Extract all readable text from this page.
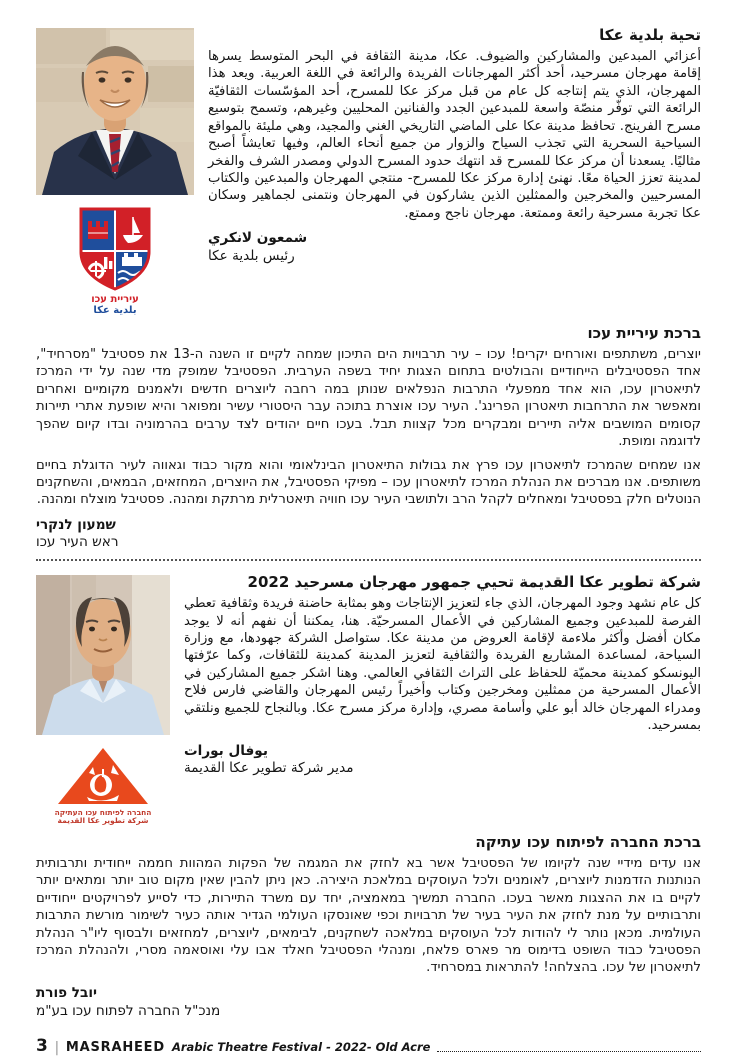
עיריית עכו
بلدية عكا
تحية بلدية عكا

أعزائي المبدعين والمشاركين والضيوف. عكا، مدينة الثقافة في البحر المتوسط يسرها إقامة مهرجان مسرحيد، أحد أكثر المهرجانات الفريدة والرائعة في اللغة العربية. ويعد هذا المهرجان، الذي يتم إنتاجه كل عام من قبل مركز عكا للمسرح، أحد المؤسّسات الثقافيّة الرائعة التي توفّر منصّة واسعة للمبدعين الجدد والفنانين المحليين وغيرهم، وتسمح بتوسيع مسرح الفرينج. تحافظ مدينة عكا على الماضي التاريخي الغني والمجيد، وهي مليئة بالمواقع السياحية السحرية التي تجذب السياح والزوار من جميع أنحاء العالم، وفيها تعايشاً أصبح مثاليًا. يسعدنا أن مركز عكا للمسرح قد انتهك حدود المسرح الدولي ومصدر الشرف والفخر لمدينة تعزز الحياة معًا. نهنئ إدارة مركز عكا للمسرح- منتجي المهرجان والمبدعين والكتاب المسرحيين والمخرجين والممثلين الذين يشاركون في المهرجان ونتمنى لجماهير وسكان عكا تجربة مسرحية رائعة وممتعة. مهرجان ناجح وممتع.

شمعون لانكري
رئيس بلدية عكا
ברכת עיריית עכו

יוצרים, משתתפים ואורחים יקרים! עכו – עיר תרבויות הים התיכון שמחה לקיים זו השנה ה-13 את פסטיבל "מסרחיד", אחד הפסטיבלים הייחודיים והבולטים בתחום הצגות יחיד בשפה הערבית. הפסטיבל שמופק מדי שנה על ידי המרכז לתיאטרון עכו, הוא אחד ממפעלי התרבות הנפלאים שנותן במה רחבה ליוצרים חדשים ולאמנים מקומיים ואחרים ומאפשר את התרחבות תיאטרון הפרינג'. העיר עכו אוצרת בתוכה עבר היסטורי עשיר ומפואר והיא שופעת אתרי תיירות קסומים המושבים אליה תיירים ומבקרים מכל קצוות תבל. בעכו חיים יהודים לצד ערבים בהרמוניה ובדו קיום שהפך לדוגמה ומופת.

אנו שמחים שהמרכז לתיאטרון עכו פרץ את גבולות התיאטרון הבינלאומי והוא מקור כבוד וגאווה לעיר הדוגלת בחיים משותפים. אנו מברכים את הנהלת המרכז לתיאטרון עכו – מפיקי הפסטיבל, את היוצרים, המחזאים, הבמאים, והשחקנים הנוטלים חלק בפסטיבל ומאחלים לקהל הרב ולתושבי העיר עכו חוויה תיאטרלית מרתקת ומהנה. פסטיבל מוצלח ומהנה.

שמעון לנקרי
ראש העיר עכו
החברה לפיתוח עכו העתיקה
شركة تطوير عكا القديمة
شركة تطوير عكا القديمة تحيي جمهور مهرجان مسرحيد 2022

كل عام نشهد وجود المهرجان، الذي جاء لتعزيز الإنتاجات وهو بمثابة حاضنة فريدة وثقافية تعطي الفرصة للمبدعين وجميع المشاركين في الأعمال المسرحيّة. هنا، يمكننا أن نفهم أنه لا يوجد مكان أفضل وأكثر ملاءمة لإقامة العروض من مدينة عكا. ستواصل الشركة جهودها، مع وزارة السياحة، لمساعدة المشاريع الفريدة والثقافية لتعزيز المدينة كمدينة للثقافات، وكما عرّفتها اليونسكو كمدينة محميّة للحفاظ على التراث الثقافي العالمي. وهنا اشكر جميع المشاركين في الأعمال المسرحية من ممثلين ومخرجين وكتاب وأخيراً رئيس المهرجان والقاضي فارس فلاح ومدراء المهرجان خالد أبو علي وأسامة مصري، وإدارة مركز مسرح عكا. وبالنجاح للجميع ونلتقي بمسرحيد.

يوفال بورات
مدير شركة تطوير عكا القديمة
ברכת החברה לפיתוח עכו עתיקה

אנו עדים מידיי שנה לקיומו של הפסטיבל אשר בא לחזק את המגמה של הפקות המהוות חממה ייחודית ותרבותית הנותנות הזדמנות ליוצרים, לאומנים ולכל העוסקים במלאכת היצירה. כאן ניתן להבין שאין מקום טוב יותר ומתאים יותר לקיים בו את ההצגות מאשר בעכו. החברה תמשיך במאמציה, יחד עם משרד התיירות, כדי לסייע לפרויקטים ייחודיים ותרבותיים על מנת לחזק את העיר בעיר של תרבויות וכפי שאונסקו העולמי הגדיר אותה כעיר לשימור מורשת התרבות העולמית. מכאן נותר לי להודות לכל העוסקים במלאכה לשחקנים, לבימאים, ליוצרים, למחזאים ולבסוף ליו"ר הנהלת הפסטיבל כבוד השופט בדימוס מר פארס פלאח, ומנהלי הפסטיבל חאלד אבו עלי ואוסאמה מסרי, ולהנהלת המרכז לתיאטרון של עכו. בהצלחה! להתראות במסרחיד.

יובל פורת
מנכ"ל החברה לפתוח עכו בע"מ
3 | MASRAHEED Arabic Theatre Festival - 2022- Old Acre
